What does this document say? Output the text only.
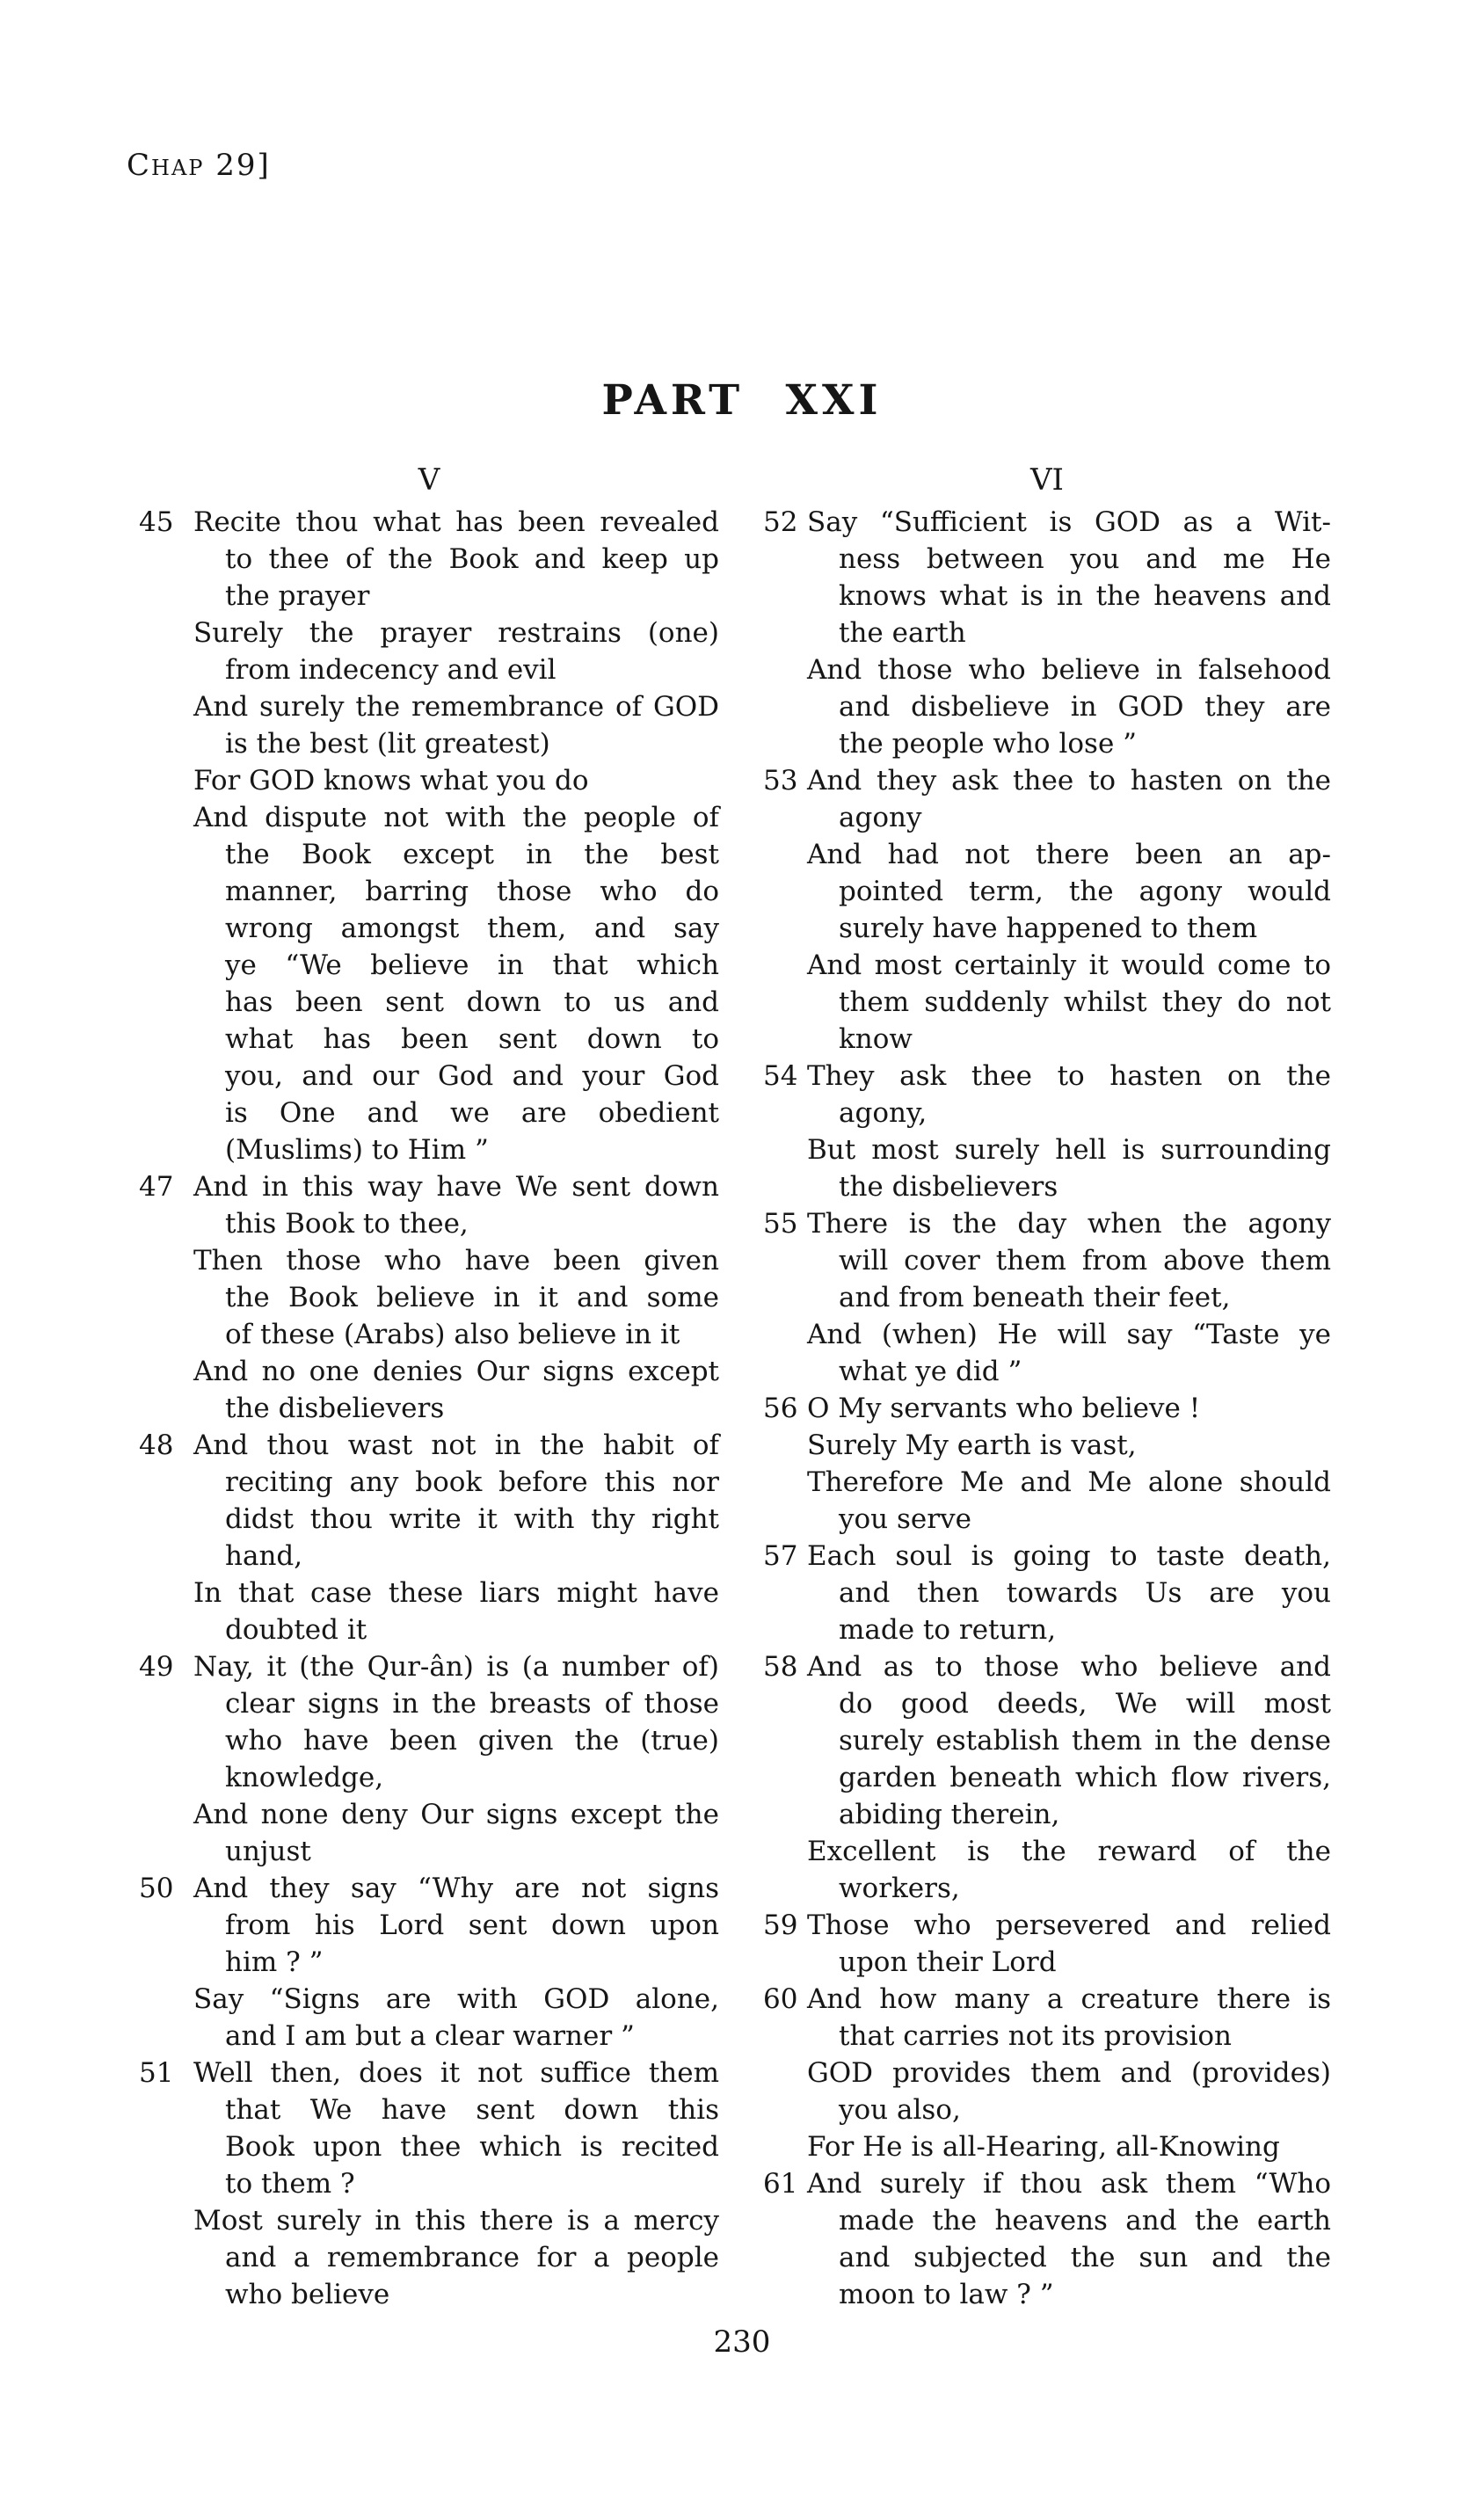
Chap 29]
PART XXI
V
45 Recite thou what has been revealed
to thee of the Book and keep up
the prayer
Surely the prayer restrains (one)
from indecency and evil
And surely the remembrance of GOD
is the best (lit greatest)
For GOD knows what you do
And dispute not with the people of
the Book except in the best
manner, barring those who do
wrong amongst them, and say
ye “We believe in that which
has been sent down to us and
what has been sent down to
you, and our God and your God
is One and we are obedient
(Muslims) to Him ”
47 And in this way have We sent down
this Book to thee,
Then those who have been given
the Book believe in it and some
of these (Arabs) also believe in it
And no one denies Our signs except
the disbelievers
48 And thou wast not in the habit of
reciting any book before this nor
didst thou write it with thy right
hand,
In that case these liars might have
doubted it
49 Nay, it (the Qur-ân) is (a number of)
clear signs in the breasts of those
who have been given the (true)
knowledge,
And none deny Our signs except the
unjust
50 And they say “Why are not signs
from his Lord sent down upon
him ? ”
Say “Signs are with GOD alone,
and I am but a clear warner ”
51 Well then, does it not suffice them
that We have sent down this
Book upon thee which is recited
to them ?
Most surely in this there is a mercy
and a remembrance for a people
who believe
VI
52 Say “Sufficient is GOD as a Wit-
ness between you and me He
knows what is in the heavens and
the earth
And those who believe in falsehood
and disbelieve in GOD they are
the people who lose ”
53 And they ask thee to hasten on the
agony
And had not there been an ap-
pointed term, the agony would
surely have happened to them
And most certainly it would come to
them suddenly whilst they do not
know
54 They ask thee to hasten on the
agony,
But most surely hell is surrounding
the disbelievers
55 There is the day when the agony
will cover them from above them
and from beneath their feet,
And (when) He will say “Taste ye
what ye did ”
56 O My servants who believe !
Surely My earth is vast,
Therefore Me and Me alone should
you serve
57 Each soul is going to taste death,
and then towards Us are you
made to return,
58 And as to those who believe and
do good deeds, We will most
surely establish them in the dense
garden beneath which flow rivers,
abiding therein,
Excellent is the reward of the
workers,
59 Those who persevered and relied
upon their Lord
60 And how many a creature there is
that carries not its provision
GOD provides them and (provides)
you also,
For He is all-Hearing, all-Knowing
61 And surely if thou ask them “Who
made the heavens and the earth
and subjected the sun and the
moon to law ? ”
230
